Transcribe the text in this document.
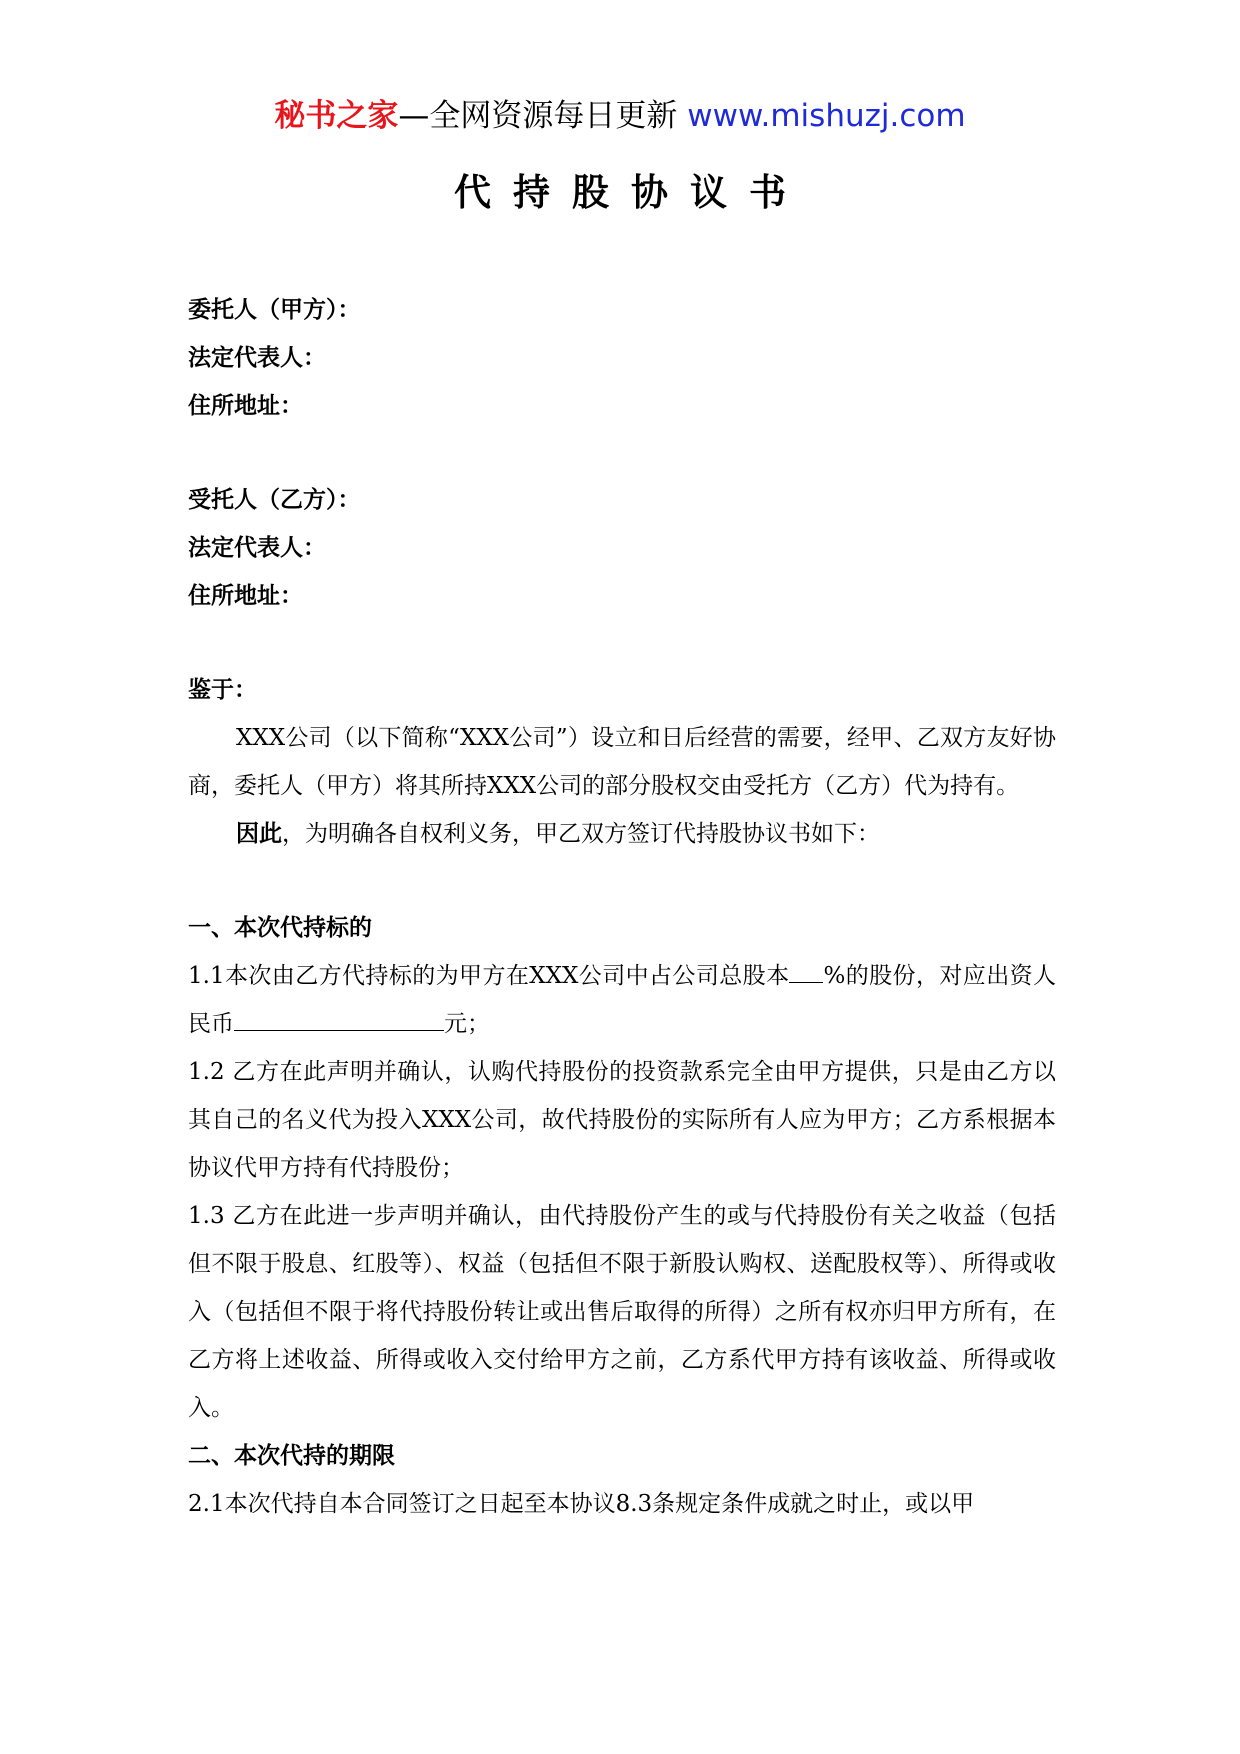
秘书之家—全网资源每日更新 www.mishuzj.com
代持股协议书

委托人（甲方）：

法定代表人：

住所地址：

受托人（乙方）：

法定代表人：

住所地址：

鉴于：

XXX公司（以下简称“XXX公司”）设立和日后经营的需要，经甲、乙双方友好协商，委托人（甲方）将其所持XXX公司的部分股权交由受托方（乙方）代为持有。

因此，为明确各自权利义务，甲乙双方签订代持股协议书如下：

一、本次代持标的

1.1本次由乙方代持标的为甲方在XXX公司中占公司总股本 %的股份，对应出资人民币	元；

1.2 乙方在此声明并确认，认购代持股份的投资款系完全由甲方提供，只是由乙方以其自己的名义代为投入XXX公司，故代持股份的实际所有人应为甲方；乙方系根据本协议代甲方持有代持股份；

1.3 乙方在此进一步声明并确认，由代持股份产生的或与代持股份有关之收益（包括但不限于股息、红股等）、权益（包括但不限于新股认购权、送配股权等）、所得或收入（包括但不限于将代持股份转让或出售后取得的所得）之所有权亦归甲方所有，在乙方将上述收益、所得或收入交付给甲方之前，乙方系代甲方持有该收益、所得或收入。

二、本次代持的期限

2.1本次代持自本合同签订之日起至本协议8.3条规定条件成就之时止，或以甲
